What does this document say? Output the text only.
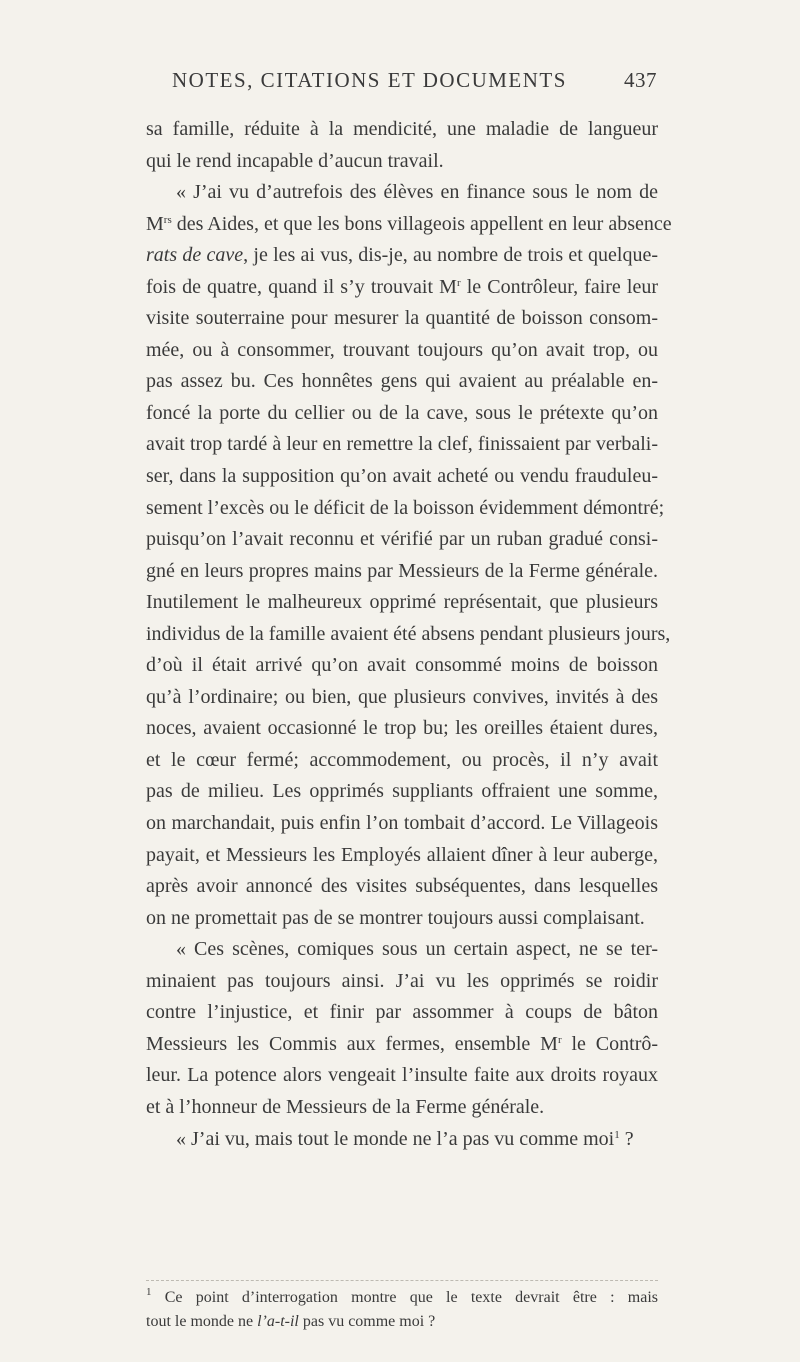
NOTES, CITATIONS ET DOCUMENTS	437
sa famille, réduite à la mendicité, une maladie de langueur
qui le rend incapable d’aucun travail.
« J’ai vu d’autrefois des élèves en finance sous le nom de
$M^{rs}$ des Aides, et que les bons villageois appellent en leur absence
rats de cave, je les ai vus, dis-je, au nombre de trois et quelque-
fois de quatre, quand il s’y trouvait $M^r$ le Contrôleur, faire leur
visite souterraine pour mesurer la quantité de boisson consom-
mée, ou à consommer, trouvant toujours qu’on avait trop, ou
pas assez bu. Ces honnêtes gens qui avaient au préalable en-
foncé la porte du cellier ou de la cave, sous le prétexte qu’on
avait trop tardé à leur en remettre la clef, finissaient par verbali-
ser, dans la supposition qu’on avait acheté ou vendu frauduleu-
sement l’excès ou le déficit de la boisson évidemment démontré;
puisqu’on l’avait reconnu et vérifié par un ruban gradué consi-
gné en leurs propres mains par Messieurs de la Ferme générale.
Inutilement le malheureux opprimé représentait, que plusieurs
individus de la famille avaient été absens pendant plusieurs jours,
d’où il était arrivé qu’on avait consommé moins de boisson
qu’à l’ordinaire; ou bien, que plusieurs convives, invités à des
noces, avaient occasionné le trop bu; les oreilles étaient dures,
et le cœur fermé; accommodement, ou procès, il n’y avait
pas de milieu. Les opprimés suppliants offraient une somme,
on marchandait, puis enfin l’on tombait d’accord. Le Villageois
payait, et Messieurs les Employés allaient dîner à leur auberge,
après avoir annoncé des visites subséquentes, dans lesquelles
on ne promettait pas de se montrer toujours aussi complaisant.
« Ces scènes, comiques sous un certain aspect, ne se ter-
minaient pas toujours ainsi. J’ai vu les opprimés se roidir
contre l’injustice, et finir par assommer à coups de bâton
Messieurs les Commis aux fermes, ensemble $M^r$ le Contrô-
leur. La potence alors vengeait l’insulte faite aux droits royaux
et à l’honneur de Messieurs de la Ferme générale.
« J’ai vu, mais tout le monde ne l’a pas vu comme moi$^1$ ?
$^1$ Ce point d’interrogation montre que le texte devrait être : mais
tout le monde ne l’a-t-il pas vu comme moi ?
